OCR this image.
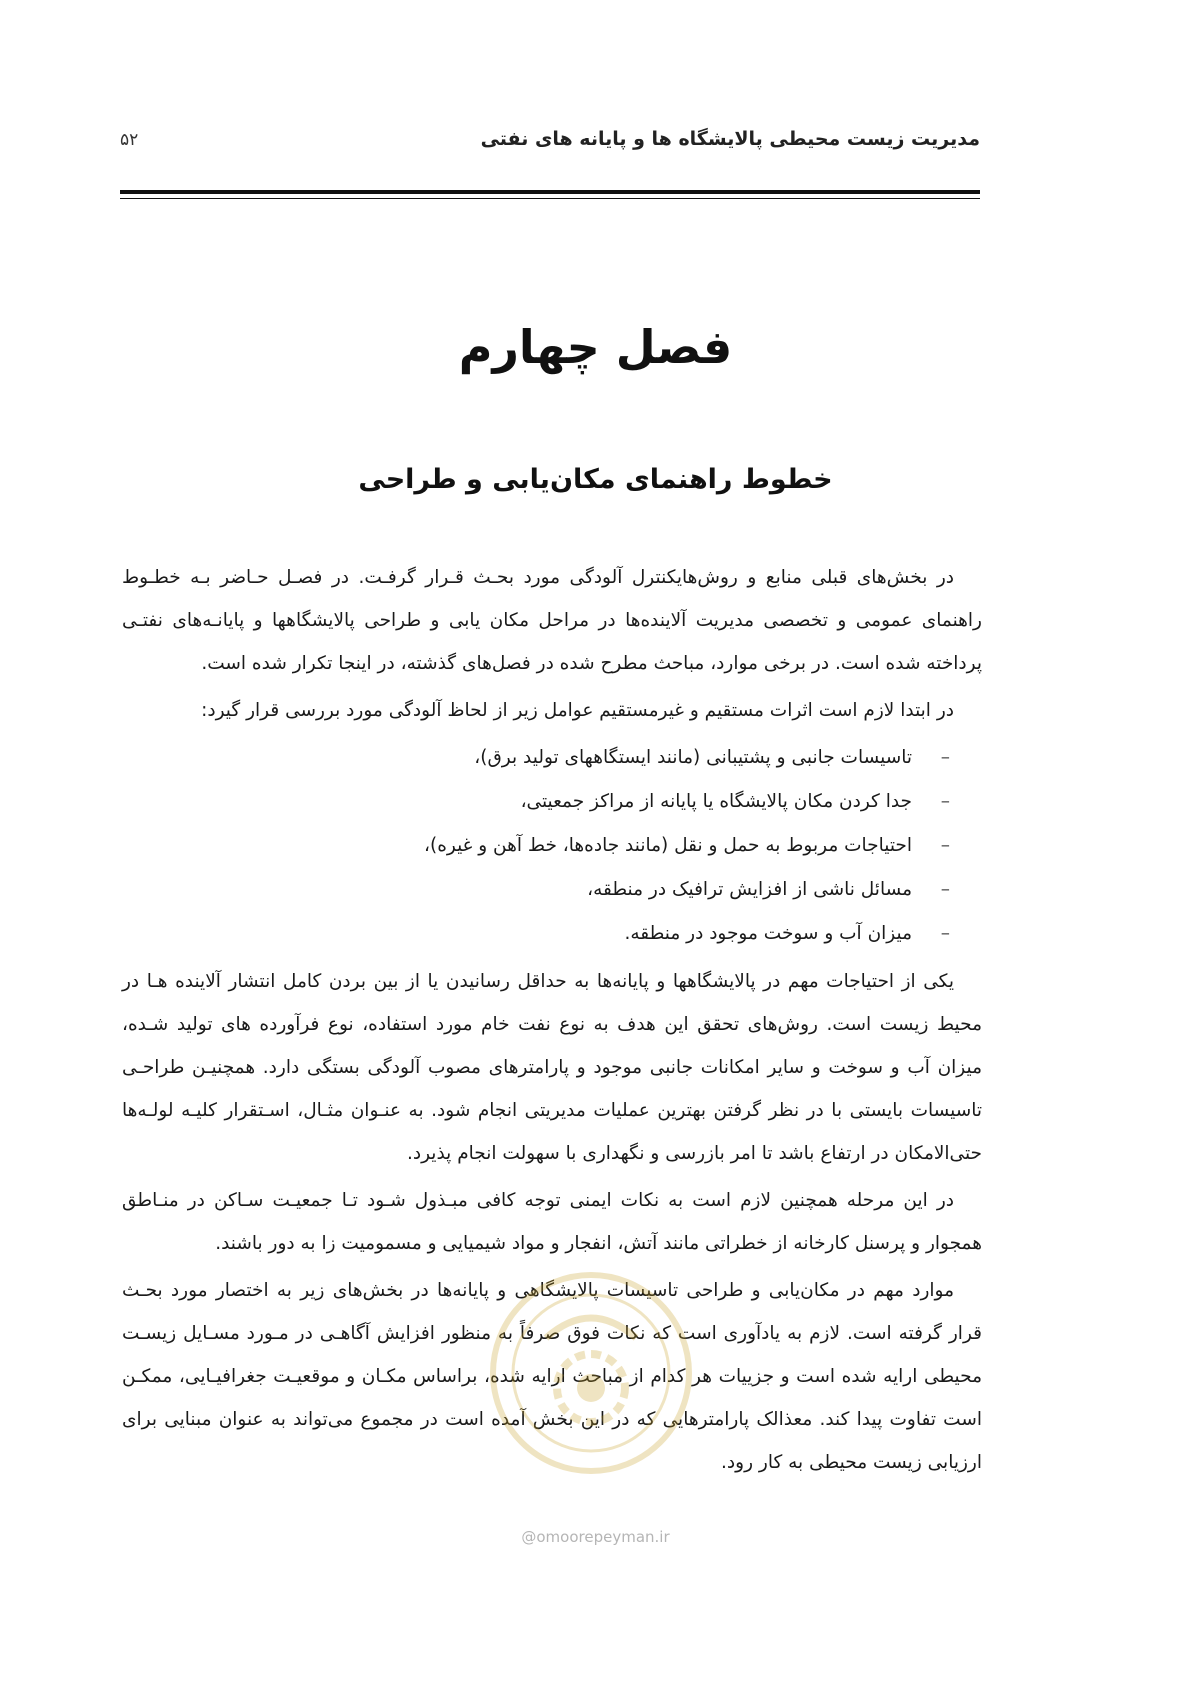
مدیریت زیست محیطی پالایشگاه ها و پایانه های نفتی
۵۲
فصل چهارم
خطوط راهنمای مکان‌یابی و طراحی

در بخش‌های قبلی منابع و روش‌هایکنترل آلودگی مورد بحـث قـرار گرفـت. در فصـل حـاضر بـه خطـوط راهنمای عمومی و تخصصی مدیریت آلاینده‌ها در مراحل مکان یابی و طراحی پالایشگاهها و پایانـه‌های نفتـی پرداخته شده است. در برخی موارد، مباحث مطرح شده در فصل‌های گذشته، در اینجا تکرار شده است.

در ابتدا لازم است اثرات مستقیم و غیرمستقیم عوامل زیر از لحاظ آلودگی مورد بررسی قرار گیرد:

–تاسیسات جانبی و پشتیبانی (مانند ایستگاههای تولید برق)،
–جدا کردن مکان پالایشگاه یا پایانه از مراکز جمعیتی،
–احتیاجات مربوط به حمل و نقل (مانند جاده‌ها، خط آهن و غیره)،
–مسائل ناشی از افزایش ترافیک در منطقه،
–میزان آب و سوخت موجود در منطقه.

یکی از احتیاجات مهم در پالایشگاهها و پایانه‌ها به حداقل رسانیدن یا از بین بردن کامل انتشار آلاینده هـا در محیط زیست است. روش‌های تحقق این هدف به نوع نفت خام مورد استفاده، نوع فرآورده های تولید شـده، میزان آب و سوخت و سایر امکانات جانبی موجود و پارامترهای مصوب آلودگی بستگی دارد. همچنیـن طراحـی تاسیسات بایستی با در نظر گرفتن بهترین عملیات مدیریتی انجام شود. به عنـوان مثـال، اسـتقرار کلیـه لولـه‌ها حتی‌الامکان در ارتفاع باشد تا امر بازرسی و نگهداری با سهولت انجام پذیرد.

در این مرحله همچنین لازم است به نکات ایمنی توجه کافی مبـذول شـود تـا جمعیـت سـاکن در منـاطق همجوار و پرسنل کارخانه از خطراتی مانند آتش، انفجار و مواد شیمیایی و مسمومیت زا به دور باشند.

موارد مهم در مکان‌یابی و طراحی تاسیسات پالایشگاهی و پایانه‌ها در بخش‌های زیر به اختصار مورد بحـث قرار گرفته است. لازم به یادآوری است که نکات فوق صرفاً به منظور افزایش آگاهـی در مـورد مسـایل زیسـت محیطی ارایه شده است و جزییات هر کدام از مباحث ارایه شده، براساس مکـان و موقعیـت جغرافیـایی، ممکـن است تفاوت پیدا کند. معذالک پارامترهایی که در این بخش آمده است در مجموع می‌تواند به عنوان مبنایی برای ارزیابی زیست محیطی به کار رود.

@omoorepeyman.ir
